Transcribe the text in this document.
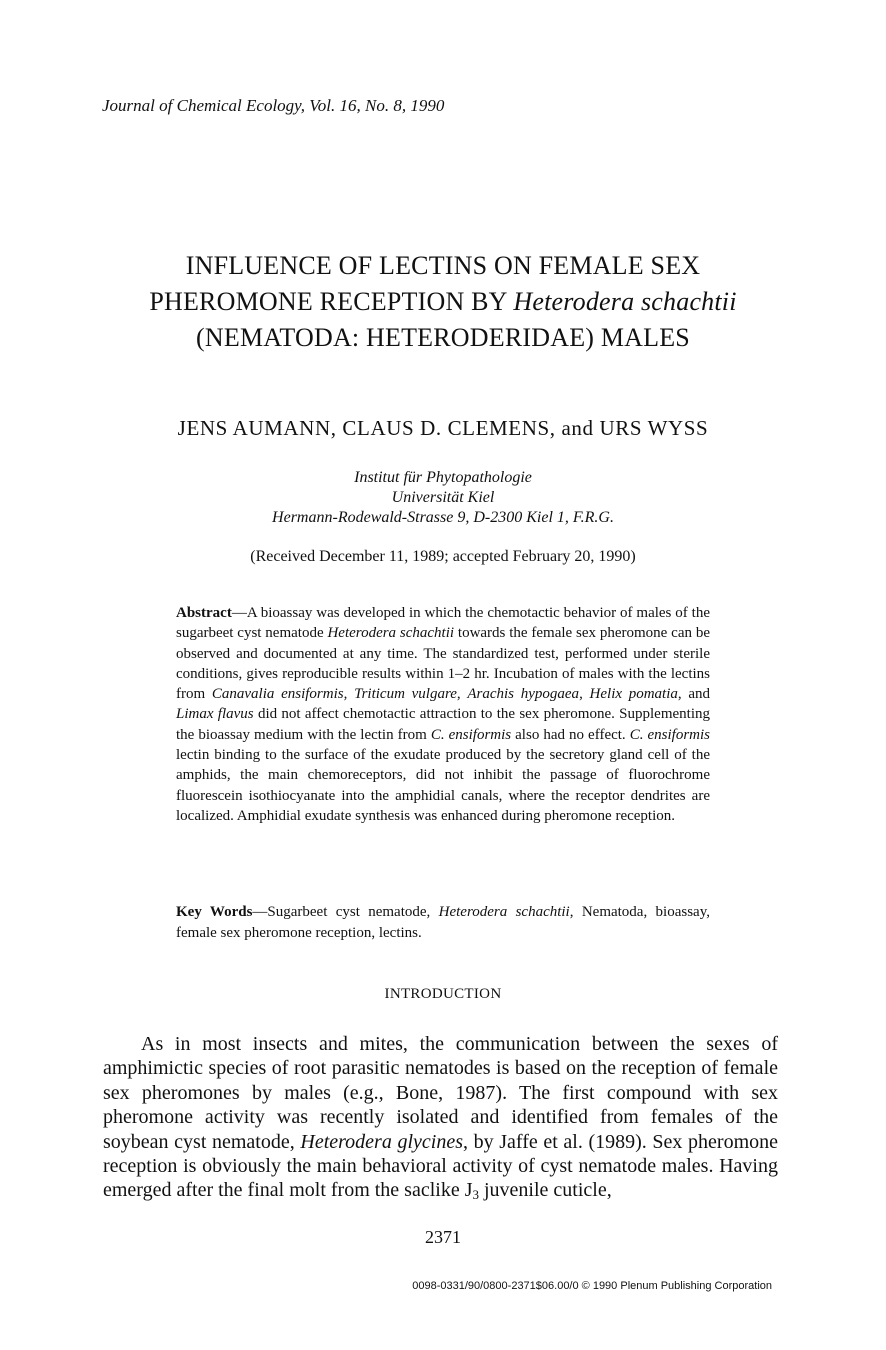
Journal of Chemical Ecology, Vol. 16, No. 8, 1990
INFLUENCE OF LECTINS ON FEMALE SEX
PHEROMONE RECEPTION BY Heterodera schachtii
(NEMATODA: HETERODERIDAE) MALES
JENS AUMANN, CLAUS D. CLEMENS, and URS WYSS
Institut für Phytopathologie
Universität Kiel
Hermann-Rodewald-Strasse 9, D-2300 Kiel 1, F.R.G.
(Received December 11, 1989; accepted February 20, 1990)
Abstract—A bioassay was developed in which the chemotactic behavior of males of the sugarbeet cyst nematode Heterodera schachtii towards the female sex pheromone can be observed and documented at any time. The standardized test, performed under sterile conditions, gives reproducible results within 1–2 hr. Incubation of males with the lectins from Canavalia ensiformis, Triticum vulgare, Arachis hypogaea, Helix pomatia, and Limax flavus did not affect chemotactic attraction to the sex pheromone. Supplementing the bioassay medium with the lectin from C. ensiformis also had no effect. C. ensiformis lectin binding to the surface of the exudate produced by the secretory gland cell of the amphids, the main chemoreceptors, did not inhibit the passage of fluorochrome fluorescein isothiocyanate into the amphidial canals, where the receptor dendrites are localized. Amphidial exudate synthesis was enhanced during pheromone reception.
Key Words—Sugarbeet cyst nematode, Heterodera schachtii, Nematoda, bioassay, female sex pheromone reception, lectins.
INTRODUCTION

As in most insects and mites, the communication between the sexes of amphimictic species of root parasitic nematodes is based on the reception of female sex pheromones by males (e.g., Bone, 1987). The first compound with sex pheromone activity was recently isolated and identified from females of the soybean cyst nematode, Heterodera glycines, by Jaffe et al. (1989). Sex pheromone reception is obviously the main behavioral activity of cyst nematode males. Having emerged after the final molt from the saclike $J_3$ juvenile cuticle,

2371
0098-0331/90/0800-2371$06.00/0 © 1990 Plenum Publishing Corporation
